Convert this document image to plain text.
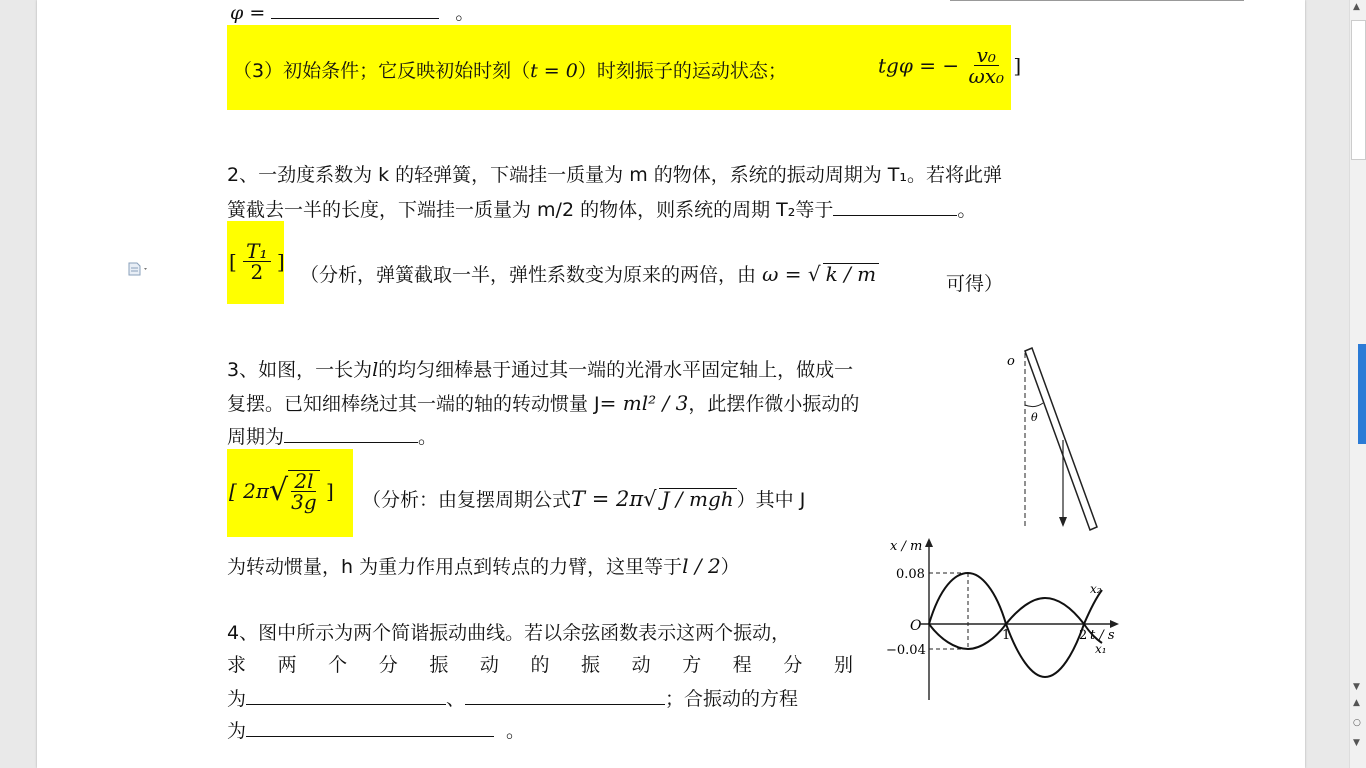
φ =	。
（3）初始条件；它反映初始时刻（t = 0）时刻振子的运动状态；	tgφ = − $\frac{\text{v₀}}{\text{ωx₀}}$ ]
2、一劲度系数为 k 的轻弹簧，下端挂一质量为 m 的物体，系统的振动周期为 T₁。若将此弹
簧截去一半的长度，下端挂一质量为 m/2 的物体，则系统的周期 T₂等于	。
[ $\frac{\text{T₁}}{2}$ ]
（分析，弹簧截取一半，弹性系数变为原来的两倍，由 ω = √ k / m	可得）
3、如图，一长为l的均匀细棒悬于通过其一端的光滑水平固定轴上，做成一
复摆。已知细棒绕过其一端的轴的转动惯量 J= ml² / 3，此摆作微小振动的
周期为	。
[ $2\pi√ \frac{2l}{3g}$ ] （分析：由复摆周期公式T = 2π√ J / mgh ）其中 J
为转动惯量，h 为重力作用点到转点的力臂，这里等于l / 2）
o
θ
4、图中所示为两个简谐振动曲线。若以余弦函数表示这两个振动，
求 两 个 分 振 动 的 振 动 方 程 分 别
为	、	；合振动的方程
为	。
x / m
t / s
O
0.08
−0.04
1	2
x₂
x₁
▲
▼
▲
○
▼
